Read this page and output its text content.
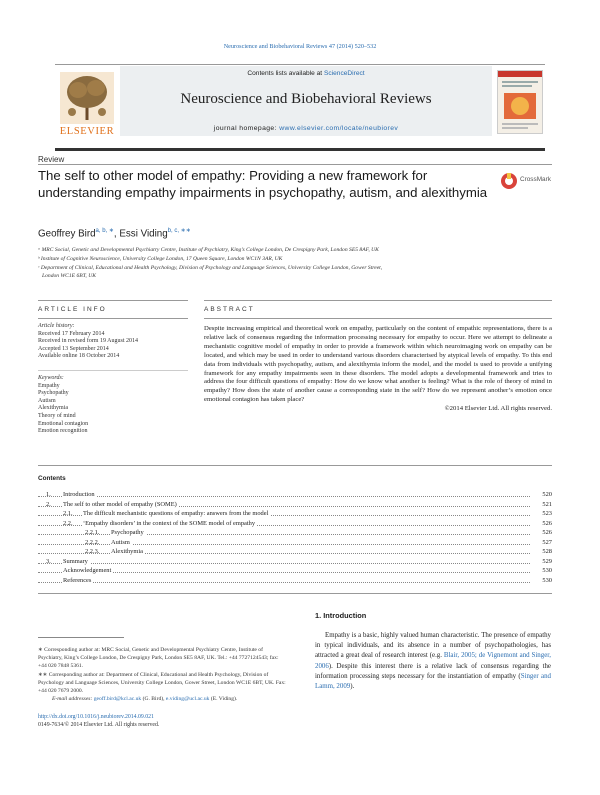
Neuroscience and Biobehavioral Reviews 47 (2014) 520–532
ELSEVIER
Contents lists available at ScienceDirect
Neuroscience and Biobehavioral Reviews
journal homepage: www.elsevier.com/locate/neubiorev
Review
The self to other model of empathy: Providing a new framework for understanding empathy impairments in psychopathy, autism, and alexithymia
CrossMark
Geoffrey Bird$^{a, b, ∗}$, Essi Viding$^{b, c, ∗∗}$
ᵃ MRC Social, Genetic and Developmental Psychiatry Centre, Institute of Psychiatry, King’s College London, De Crespigny Park, London SE5 8AF, UK
ᵇ Institute of Cognitive Neuroscience, University College London, 17 Queen Square, London WC1N 3AR, UK
ᶜ Department of Clinical, Educational and Health Psychology, Division of Psychology and Language Sciences, University College London, Gower Street,
London WC1E 6BT, UK
ARTICLE INFO	ABSTRACT
Article history:
Received 17 February 2014
Received in revised form 19 August 2014
Accepted 13 September 2014
Available online 18 October 2014
Keywords:
Empathy
Psychopathy
Autism
Alexithymia
Theory of mind
Emotional contagion
Emotion recognition
Despite increasing empirical and theoretical work on empathy, particularly on the content of empathic representations, there is a relative lack of consensus regarding the information processing necessary for empathy to occur. Here we attempt to delineate a mechanistic cognitive model of empathy in order to provide a framework within which neuroimaging work on empathy can be located, and which may be used in order to understand various disorders characterised by atypical levels of empathy. To this end data from individuals with psychopathy, autism, and alexithymia inform the model, and the model is used to provide a unifying framework for any empathy impairments seen in these disorders. The model adopts a developmental framework and tries to address the four difficult questions of empathy: How do we know what another is feeling? What is the role of theory of mind in empathy? How does the state of another cause a corresponding state in the self? How do we represent another’s emotion once emotional contagion has taken place?
©2014 Elsevier Ltd. All rights reserved.
Contents
1. Introduction	520
2. The self to other model of empathy (SOME)	521
2.1. The difficult mechanistic questions of empathy: answers from the model	523
2.2. ‘Empathy disorders’ in the context of the SOME model of empathy	526
2.2.1. Psychopathy	526
2.2.2. Autism	527
2.2.3. Alexithymia	528
3. Summary	529
Acknowledgement	530
References	530
1. Introduction
Empathy is a basic, highly valued human characteristic. The presence of empathy in typical individuals, and its absence in a number of psychopathologies, has attracted a great deal of research interest (e.g. Blair, 2005; de Vignemont and Singer, 2006). Despite this interest there is a relative lack of consensus regarding the information processing steps necessary for the instantiation of empathy (Singer and Lamm, 2009).
∗ Corresponding author at: MRC Social, Genetic and Developmental Psychiatry Centre, Institute of Psychiatry, King’s College London, De Crespigny Park, London SE5 8AF, UK. Tel.: +44 7727124543; fax: +44 020 7848 5361.
∗∗ Corresponding author at: Department of Clinical, Educational and Health Psychology, Division of Psychology and Language Sciences, University College London, Gower Street, London WC1E 6BT, UK. Fax: +44 020 7679 2000.
E-mail addresses: geoff.bird@kcl.ac.uk (G. Bird), e.viding@ucl.ac.uk (E. Viding).
http://dx.doi.org/10.1016/j.neubiorev.2014.09.021
0149-7634/© 2014 Elsevier Ltd. All rights reserved.
